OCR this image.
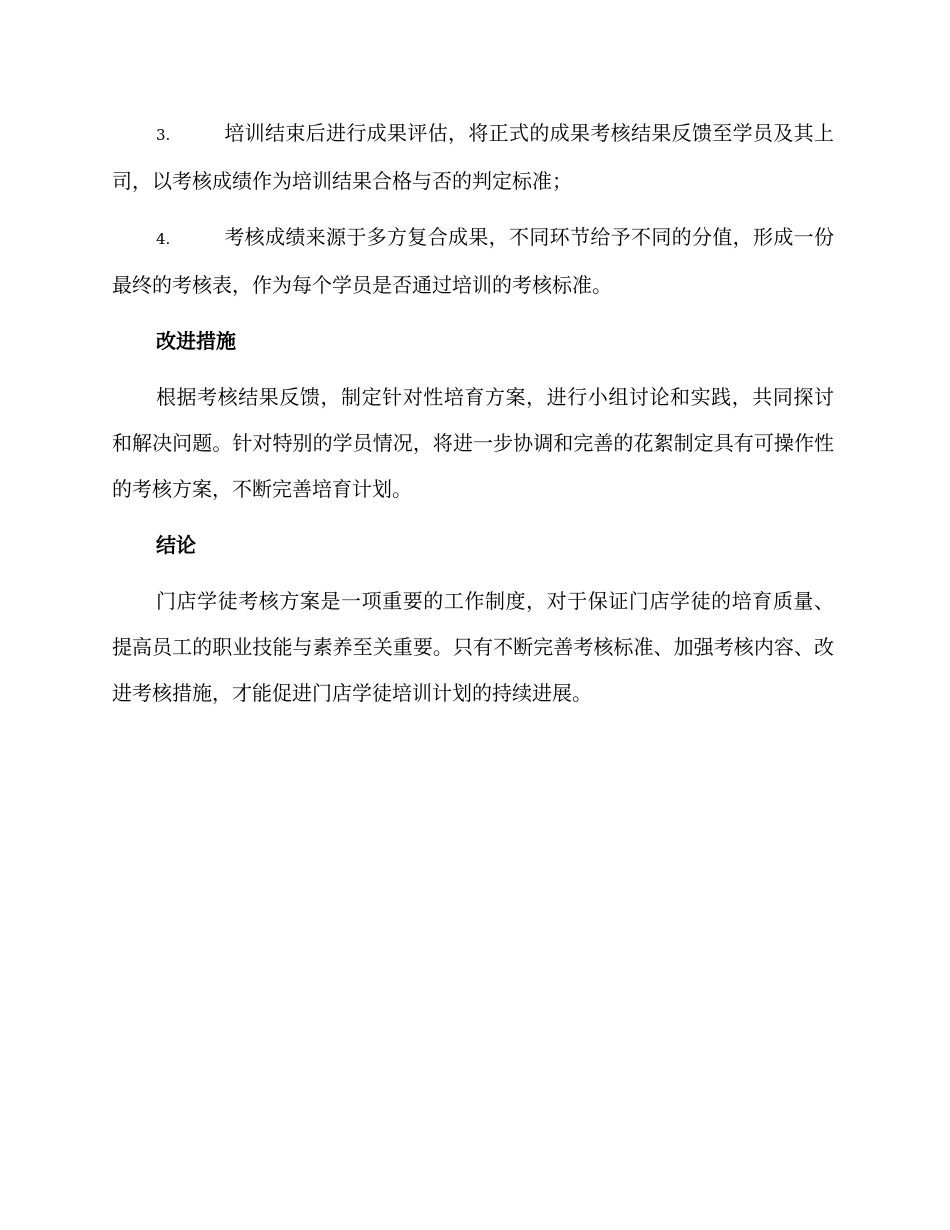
3.	培训结束后进行成果评估，将正式的成果考核结果反馈至学员及其上司，以考核成绩作为培训结果合格与否的判定标准；

4.	考核成绩来源于多方复合成果，不同环节给予不同的分值，形成一份最终的考核表，作为每个学员是否通过培训的考核标准。

改进措施

根据考核结果反馈，制定针对性培育方案，进行小组讨论和实践，共同探讨和解决问题。针对特别的学员情况，将进一步协调和完善的花絮制定具有可操作性的考核方案，不断完善培育计划。

结论

门店学徒考核方案是一项重要的工作制度，对于保证门店学徒的培育质量、提高员工的职业技能与素养至关重要。只有不断完善考核标准、加强考核内容、改进考核措施，才能促进门店学徒培训计划的持续进展。
